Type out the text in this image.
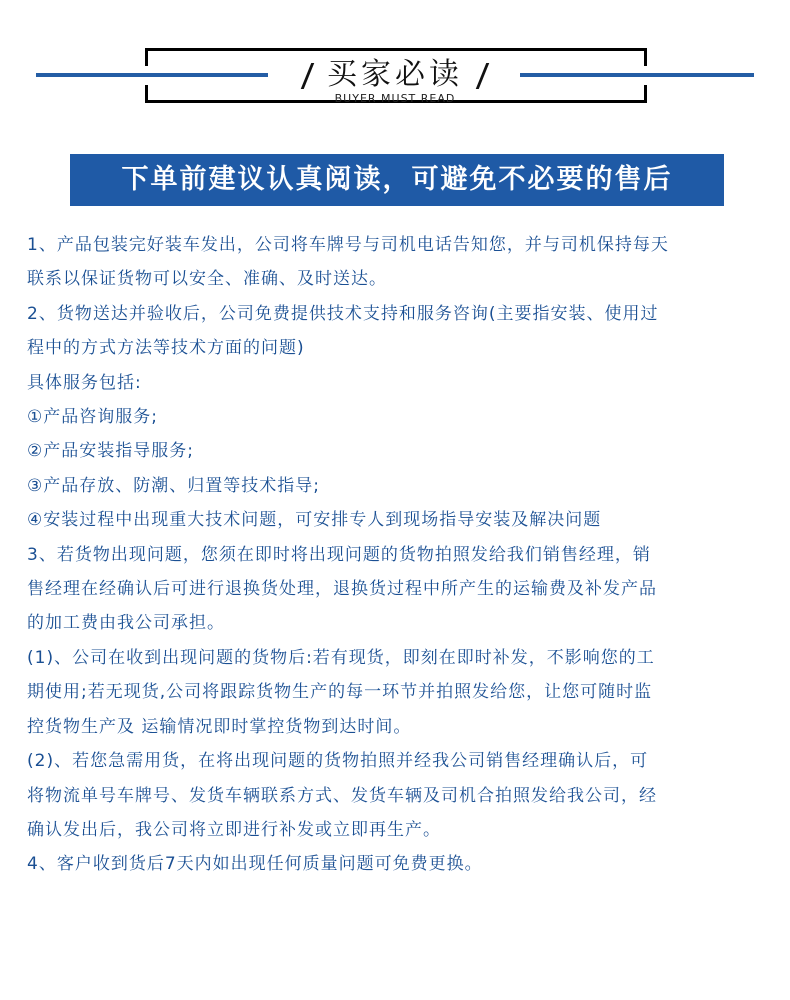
买家必读
BUYER MUST READ
下单前建议认真阅读，可避免不必要的售后

1、产品包装完好装车发出，公司将车牌号与司机电话告知您，并与司机保持每天

联系以保证货物可以安全、准确、及时送达。

2、货物送达并验收后，公司免费提供技术支持和服务咨询(主要指安装、使用过

程中的方式方法等技术方面的问题)

具体服务包括:

①产品咨询服务;

②产品安装指导服务;

③产品存放、防潮、归置等技术指导;

④安装过程中出现重大技术问题，可安排专人到现场指导安装及解决问题

3、若货物出现问题，您须在即时将出现问题的货物拍照发给我们销售经理，销

售经理在经确认后可进行退换货处理，退换货过程中所产生的运输费及补发产品

的加工费由我公司承担。

(1)、公司在收到出现问题的货物后:若有现货，即刻在即时补发，不影响您的工

期使用;若无现货,公司将跟踪货物生产的每一环节并拍照发给您，让您可随时监

控货物生产及 运输情况即时掌控货物到达时间。

(2)、若您急需用货，在将出现问题的货物拍照并经我公司销售经理确认后，可

将物流单号车牌号、发货车辆联系方式、发货车辆及司机合拍照发给我公司，经

确认发出后，我公司将立即进行补发或立即再生产。

4、客户收到货后7天内如出现任何质量问题可免费更换。
